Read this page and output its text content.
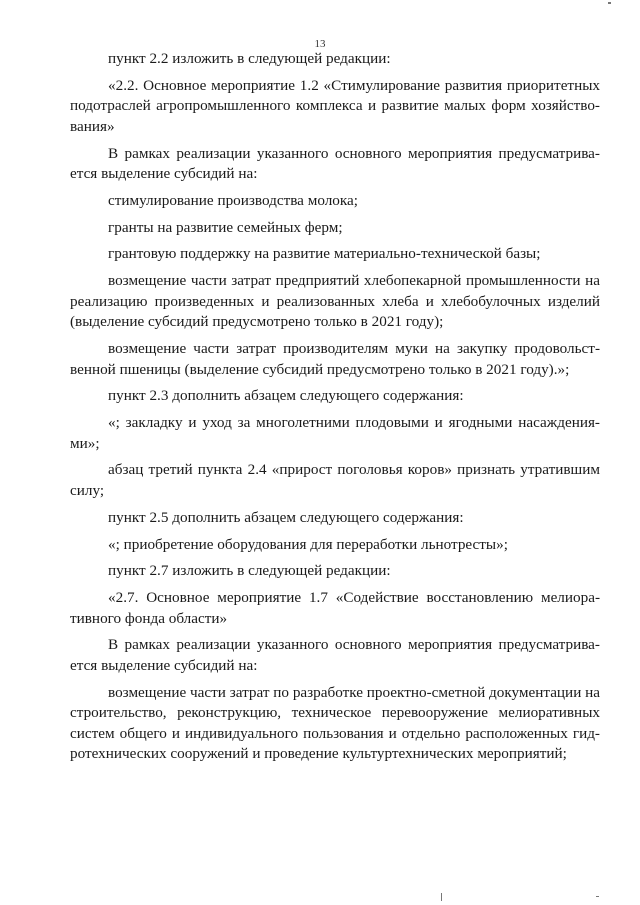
13

пункт 2.2 изложить в следующей редакции:

«2.2. Основное мероприятие 1.2 «Стимулирование развития приоритетных подотраслей агропромышленного комплекса и развитие малых форм хозяйство-вания»

В рамках реализации указанного основного мероприятия предусматрива-ется выделение субсидий на:

стимулирование производства молока;

гранты на развитие семейных ферм;

грантовую поддержку на развитие материально-технической базы;

возмещение части затрат предприятий хлебопекарной промышленности на реализацию произведенных и реализованных хлеба и хлебобулочных изделий (выделение субсидий предусмотрено только в 2021 году);

возмещение части затрат производителям муки на закупку продовольст-венной пшеницы (выделение субсидий предусмотрено только в 2021 году).»;

пункт 2.3 дополнить абзацем следующего содержания:

«; закладку и уход за многолетними плодовыми и ягодными насаждения-ми»;

абзац третий пункта 2.4 «прирост поголовья коров» признать утратившим силу;

пункт 2.5 дополнить абзацем следующего содержания:

«; приобретение оборудования для переработки льнотресты»;

пункт 2.7 изложить в следующей редакции:

«2.7. Основное мероприятие 1.7 «Содействие восстановлению мелиора-тивного фонда области»

В рамках реализации указанного основного мероприятия предусматрива-ется выделение субсидий на:

возмещение части затрат по разработке проектно-сметной документации на строительство, реконструкцию, техническое перевооружение мелиоративных систем общего и индивидуального пользования и отдельно расположенных гид-ротехнических сооружений и проведение культуртехнических мероприятий;
